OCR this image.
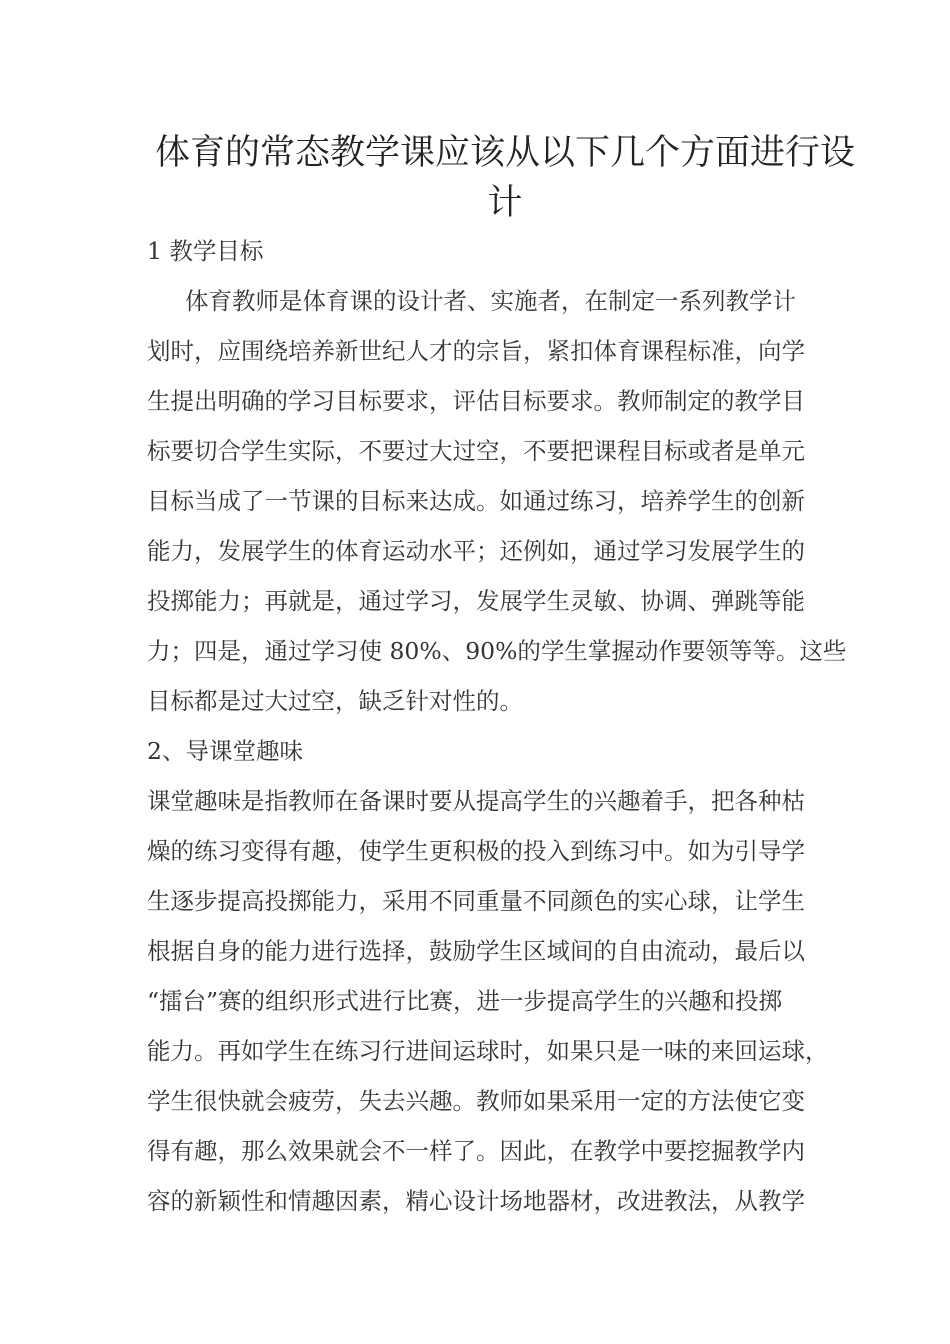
体育的常态教学课应该从以下几个方面进行设计

1 教学目标

体育教师是体育课的设计者、实施者，在制定一系列教学计

划时，应围绕培养新世纪人才的宗旨，紧扣体育课程标准，向学

生提出明确的学习目标要求，评估目标要求。教师制定的教学目

标要切合学生实际，不要过大过空，不要把课程目标或者是单元

目标当成了一节课的目标来达成。如通过练习，培养学生的创新

能力，发展学生的体育运动水平；还例如，通过学习发展学生的

投掷能力；再就是，通过学习，发展学生灵敏、协调、弹跳等能

力；四是，通过学习使 80%、90%的学生掌握动作要领等等。这些

目标都是过大过空，缺乏针对性的。

2、导课堂趣味

课堂趣味是指教师在备课时要从提高学生的兴趣着手，把各种枯

燥的练习变得有趣，使学生更积极的投入到练习中。如为引导学

生逐步提高投掷能力，采用不同重量不同颜色的实心球，让学生

根据自身的能力进行选择，鼓励学生区域间的自由流动，最后以

“擂台”赛的组织形式进行比赛，进一步提高学生的兴趣和投掷

能力。再如学生在练习行进间运球时，如果只是一味的来回运球，

学生很快就会疲劳，失去兴趣。教师如果采用一定的方法使它变

得有趣，那么效果就会不一样了。因此，在教学中要挖掘教学内

容的新颖性和情趣因素，精心设计场地器材，改进教法，从教学
